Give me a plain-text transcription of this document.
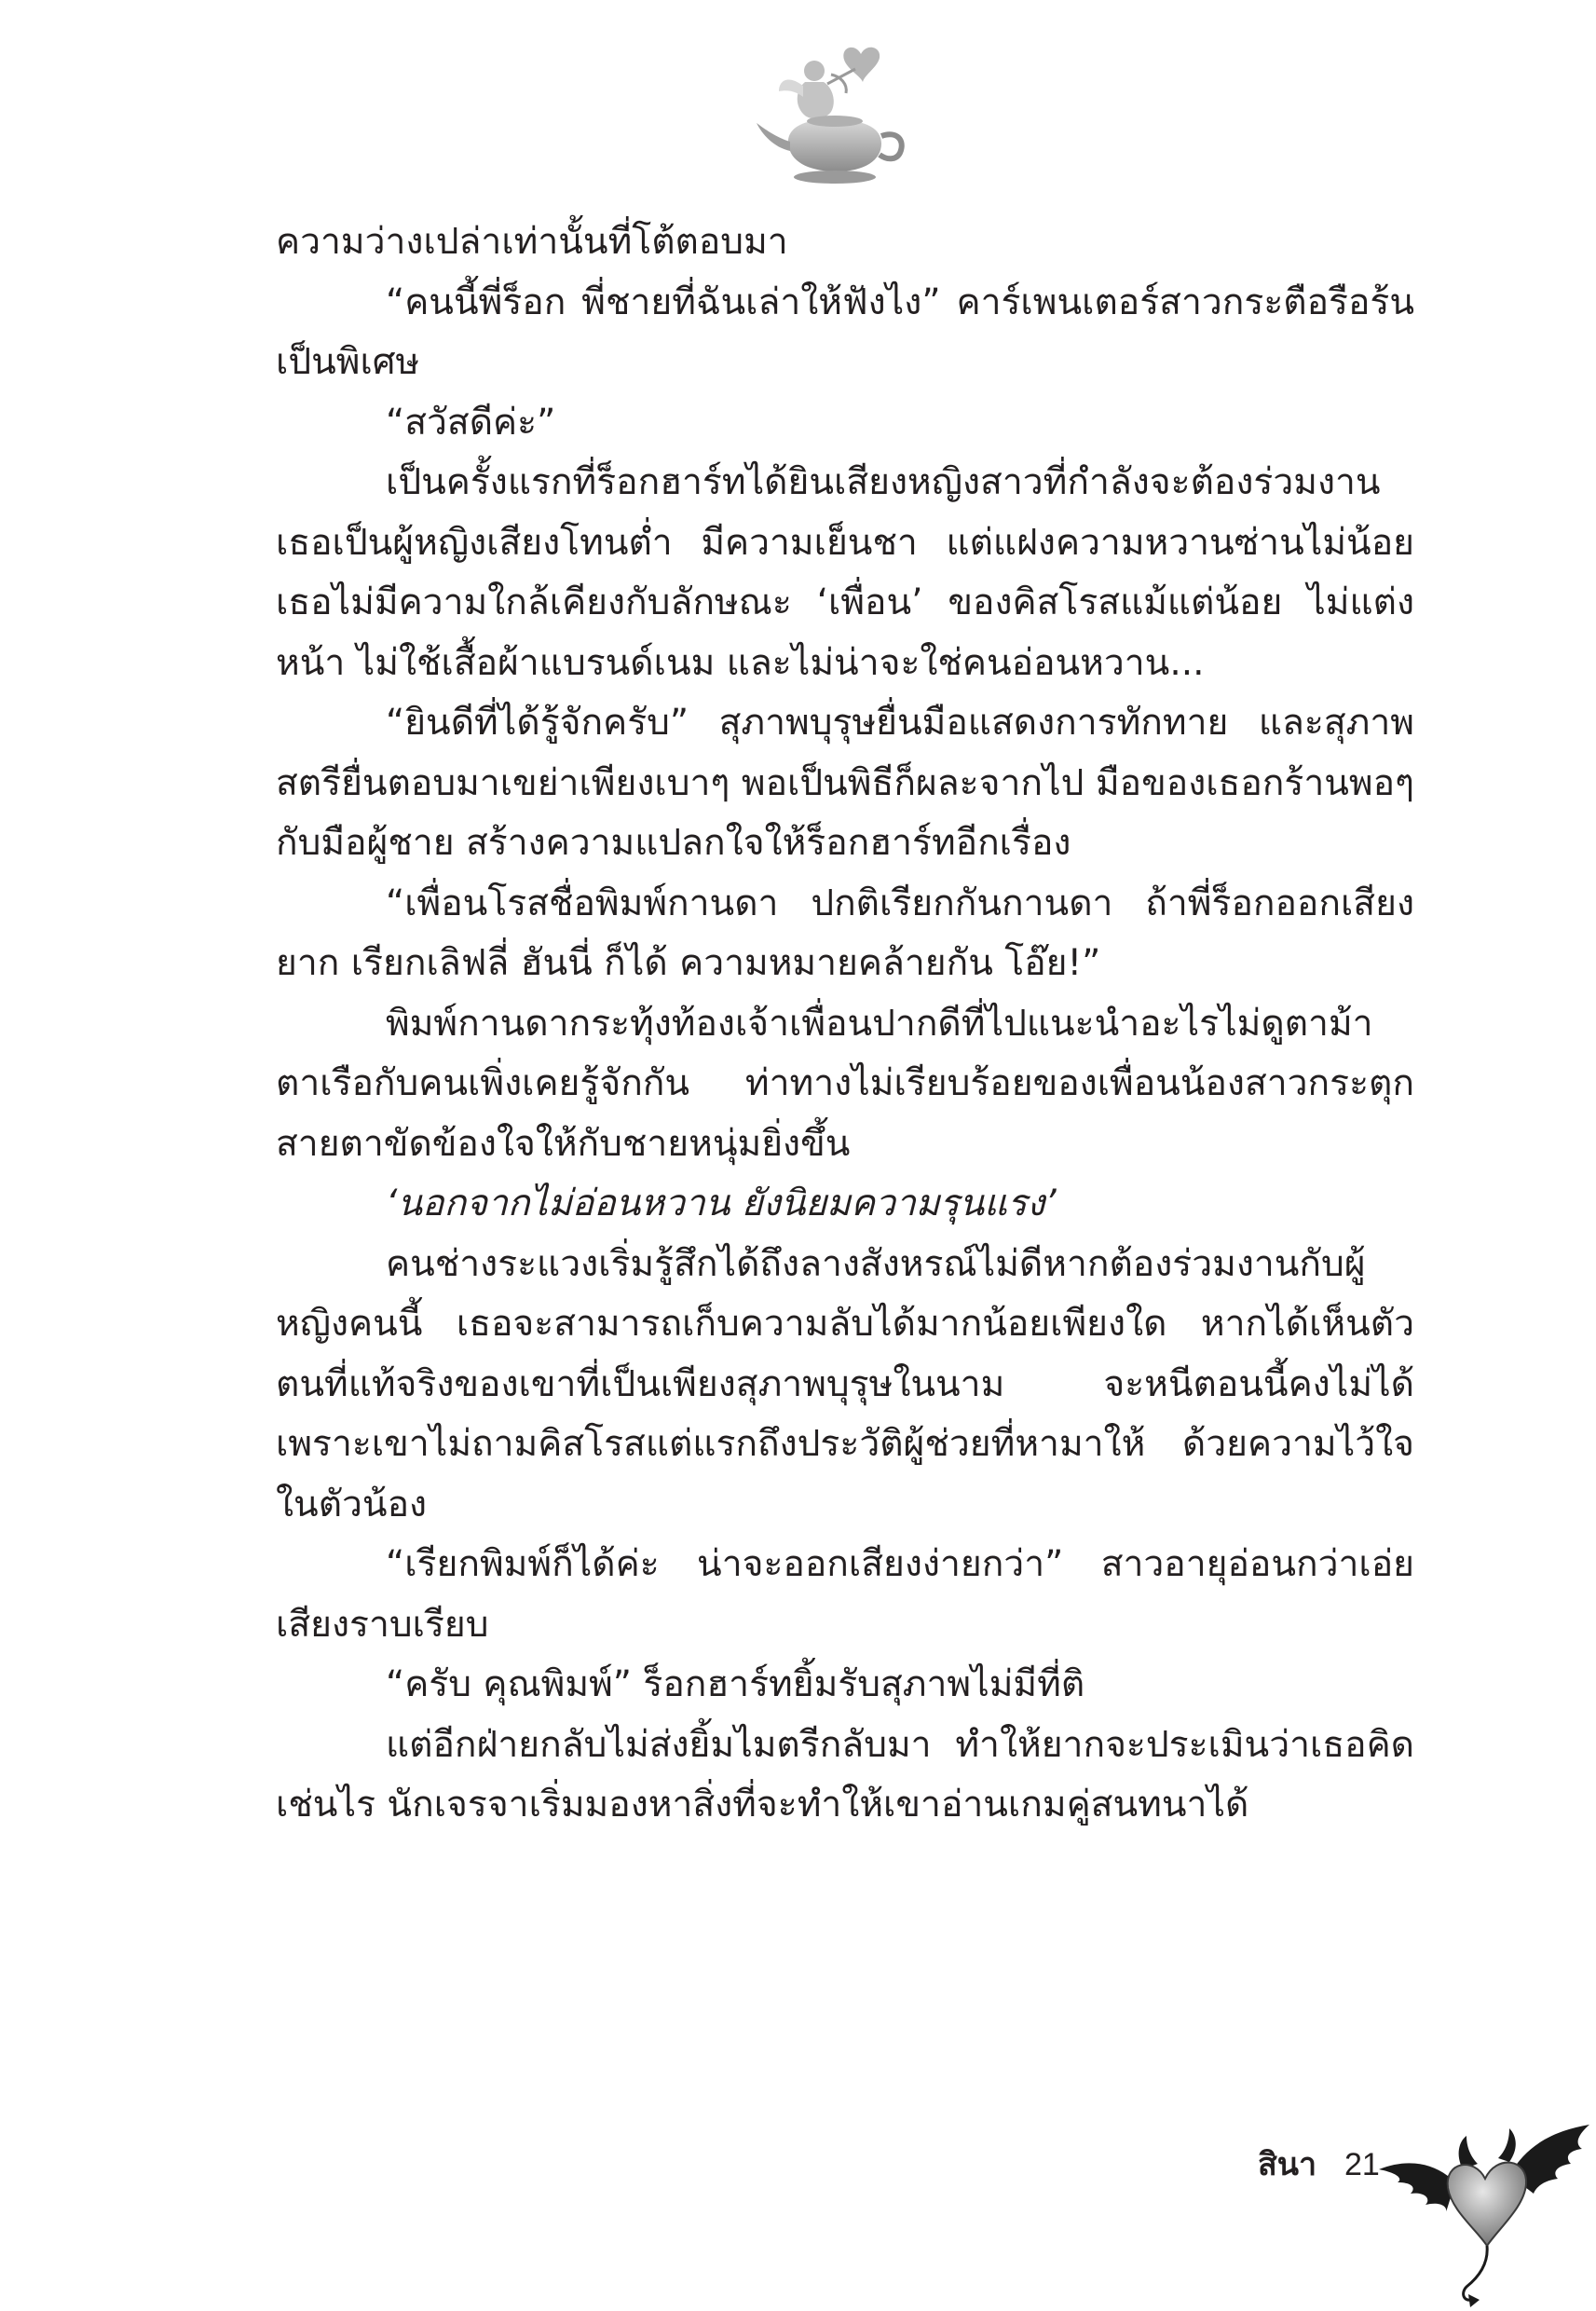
ความว่างเปล่าเท่านั้นที่โต้ตอบมา

“คนนี้พี่ร็อก พี่ชายที่ฉันเล่าให้ฟังไง” คาร์เพนเตอร์สาวกระตือรือร้นเป็นพิเศษ

“สวัสดีค่ะ”

เป็นครั้งแรกที่ร็อกฮาร์ทได้ยินเสียงหญิงสาวที่กำลังจะต้องร่วมงาน เธอเป็นผู้หญิงเสียงโทนต่ำ มีความเย็นชา แต่แฝงความหวานซ่านไม่น้อย เธอไม่มีความใกล้เคียงกับลักษณะ ‘เพื่อน’ ของคิสโรสแม้แต่น้อย ไม่แต่งหน้า ไม่ใช้เสื้อผ้าแบรนด์เนม และไม่น่าจะใช่คนอ่อนหวาน...

“ยินดีที่ได้รู้จักครับ” สุภาพบุรุษยื่นมือแสดงการทักทาย และสุภาพสตรียื่นตอบมาเขย่าเพียงเบาๆ พอเป็นพิธีก็ผละจากไป มือของเธอกร้านพอๆ กับมือผู้ชาย สร้างความแปลกใจให้ร็อกฮาร์ทอีกเรื่อง

“เพื่อนโรสชื่อพิมพ์กานดา ปกติเรียกกันกานดา ถ้าพี่ร็อกออกเสียงยาก เรียกเลิฟลี่ ฮันนี่ ก็ได้ ความหมายคล้ายกัน โอ๊ย!”

พิมพ์กานดากระทุ้งท้องเจ้าเพื่อนปากดีที่ไปแนะนำอะไรไม่ดูตาม้าตาเรือกับคนเพิ่งเคยรู้จักกัน ท่าทางไม่เรียบร้อยของเพื่อนน้องสาวกระตุกสายตาขัดข้องใจให้กับชายหนุ่มยิ่งขึ้น

‘นอกจากไม่อ่อนหวาน ยังนิยมความรุนแรง’

คนช่างระแวงเริ่มรู้สึกได้ถึงลางสังหรณ์ไม่ดีหากต้องร่วมงานกับผู้หญิงคนนี้ เธอจะสามารถเก็บความลับได้มากน้อยเพียงใด หากได้เห็นตัวตนที่แท้จริงของเขาที่เป็นเพียงสุภาพบุรุษในนาม จะหนีตอนนี้คงไม่ได้ เพราะเขาไม่ถามคิสโรสแต่แรกถึงประวัติผู้ช่วยที่หามาให้ ด้วยความไว้ใจในตัวน้อง

“เรียกพิมพ์ก็ได้ค่ะ น่าจะออกเสียงง่ายกว่า” สาวอายุอ่อนกว่าเอ่ยเสียงราบเรียบ

“ครับ คุณพิมพ์” ร็อกฮาร์ทยิ้มรับสุภาพไม่มีที่ติ

แต่อีกฝ่ายกลับไม่ส่งยิ้มไมตรีกลับมา ทำให้ยากจะประเมินว่าเธอคิดเช่นไร นักเจรจาเริ่มมองหาสิ่งที่จะทำให้เขาอ่านเกมคู่สนทนาได้

สินา 21
